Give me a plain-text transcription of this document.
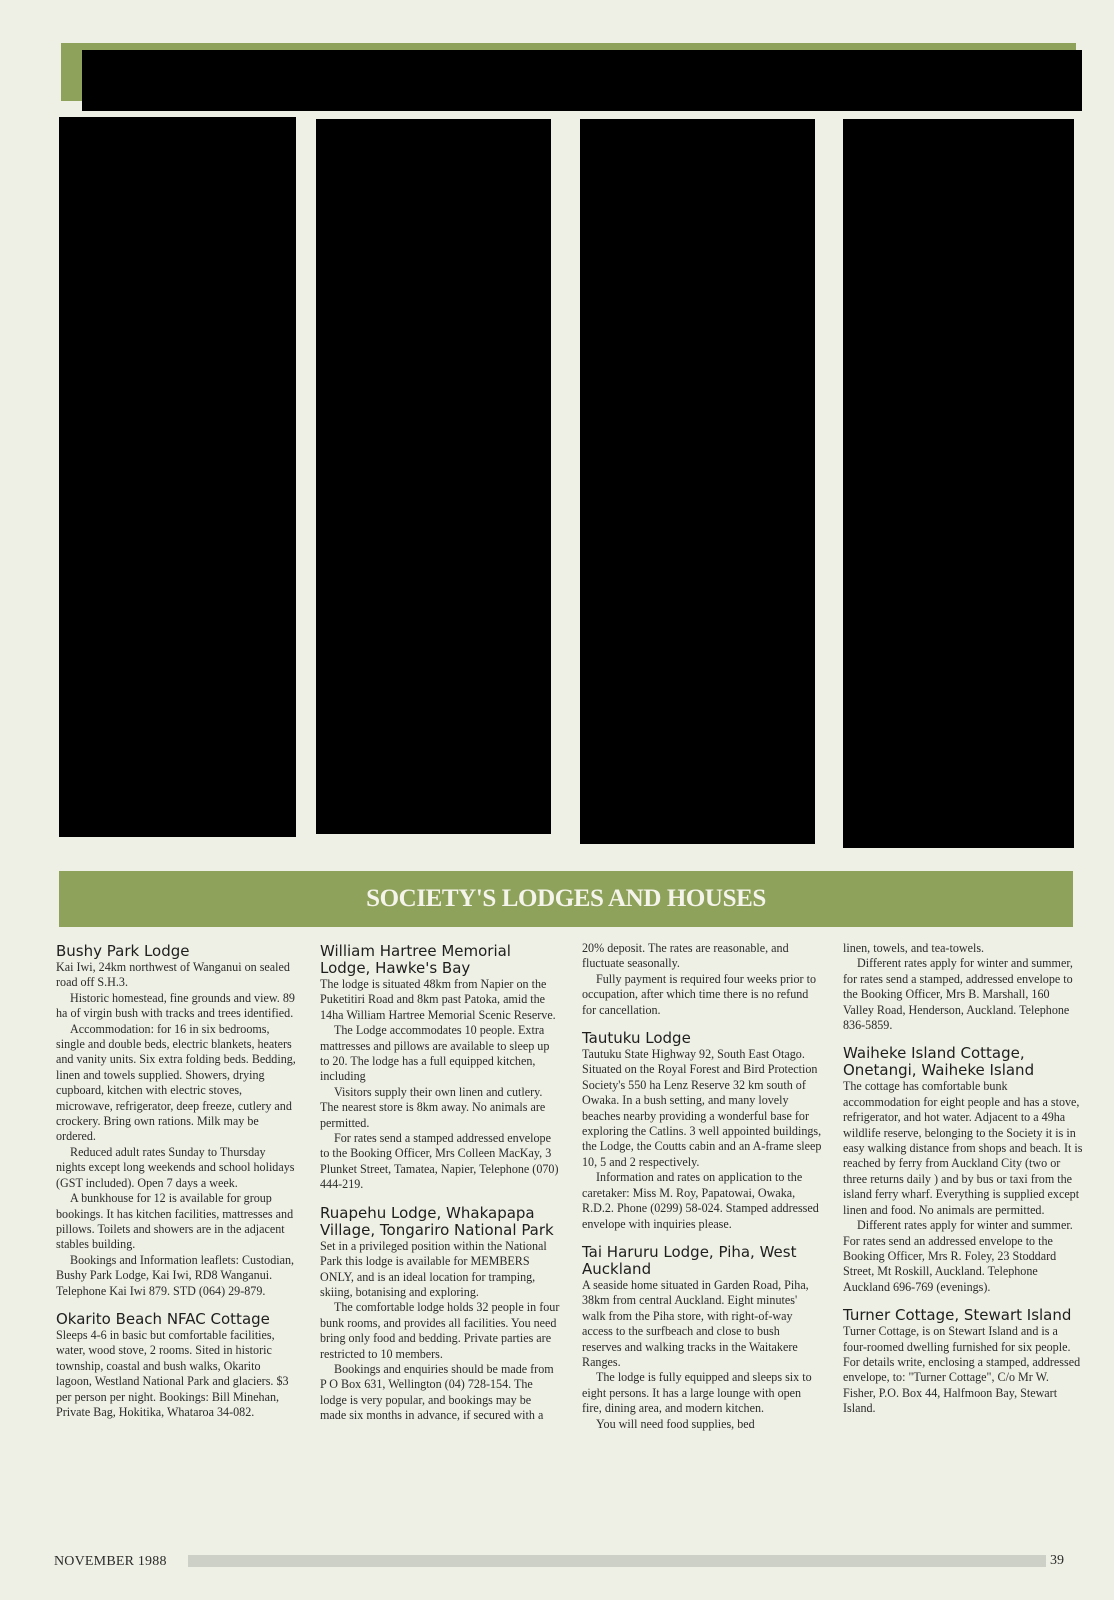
SOCIETY'S LODGES AND HOUSES
Bushy Park Lodge

Kai Iwi, 24km northwest of Wanganui on sealed road off S.H.3.

Historic homestead, fine grounds and view. 89 ha of virgin bush with tracks and trees identified.

Accommodation: for 16 in six bedrooms, single and double beds, electric blankets, heaters and vanity units. Six extra folding beds. Bedding, linen and towels supplied. Showers, drying cupboard, kitchen with electric stoves, microwave, refrigerator, deep freeze, cutlery and crockery. Bring own rations. Milk may be ordered.

Reduced adult rates Sunday to Thursday nights except long weekends and school holidays (GST included). Open 7 days a week.

A bunkhouse for 12 is available for group bookings. It has kitchen facilities, mattresses and pillows. Toilets and showers are in the adjacent stables building.

Bookings and Information leaflets: Custodian, Bushy Park Lodge, Kai Iwi, RD8 Wanganui. Telephone Kai Iwi 879. STD (064) 29-879.

Okarito Beach NFAC Cottage

Sleeps 4-6 in basic but comfortable facilities, water, wood stove, 2 rooms. Sited in historic township, coastal and bush walks, Okarito lagoon, Westland National Park and glaciers. $3 per person per night. Bookings: Bill Minehan, Private Bag, Hokitika, Whataroa 34-082.

William Hartree Memorial Lodge, Hawke's Bay

The lodge is situated 48km from Napier on the Puketitiri Road and 8km past Patoka, amid the 14ha William Hartree Memorial Scenic Reserve.

The Lodge accommodates 10 people. Extra mattresses and pillows are available to sleep up to 20. The lodge has a full equipped kitchen, including

Visitors supply their own linen and cutlery. The nearest store is 8km away. No animals are permitted.

For rates send a stamped addressed envelope to the Booking Officer, Mrs Colleen MacKay, 3 Plunket Street, Tamatea, Napier, Telephone (070) 444-219.

Ruapehu Lodge, Whakapapa Village, Tongariro National Park

Set in a privileged position within the National Park this lodge is available for MEMBERS ONLY, and is an ideal location for tramping, skiing, botanising and exploring.

The comfortable lodge holds 32 people in four bunk rooms, and provides all facilities. You need bring only food and bedding. Private parties are restricted to 10 members.

Bookings and enquiries should be made from P O Box 631, Wellington (04) 728-154. The lodge is very popular, and bookings may be made six months in advance, if secured with a

20% deposit. The rates are reasonable, and fluctuate seasonally.

Fully payment is required four weeks prior to occupation, after which time there is no refund for cancellation.

Tautuku Lodge

Tautuku State Highway 92, South East Otago. Situated on the Royal Forest and Bird Protection Society's 550 ha Lenz Reserve 32 km south of Owaka. In a bush setting, and many lovely beaches nearby providing a wonderful base for exploring the Catlins. 3 well appointed buildings, the Lodge, the Coutts cabin and an A-frame sleep 10, 5 and 2 respectively.

Information and rates on application to the caretaker: Miss M. Roy, Papatowai, Owaka, R.D.2. Phone (0299) 58-024. Stamped addressed envelope with inquiries please.

Tai Haruru Lodge, Piha, West Auckland

A seaside home situated in Garden Road, Piha, 38km from central Auckland. Eight minutes' walk from the Piha store, with right-of-way access to the surfbeach and close to bush reserves and walking tracks in the Waitakere Ranges.

The lodge is fully equipped and sleeps six to eight persons. It has a large lounge with open fire, dining area, and modern kitchen.

You will need food supplies, bed

linen, towels, and tea-towels.

Different rates apply for winter and summer, for rates send a stamped, addressed envelope to the Booking Officer, Mrs B. Marshall, 160 Valley Road, Henderson, Auckland. Telephone 836-5859.

Waiheke Island Cottage, Onetangi, Waiheke Island

The cottage has comfortable bunk accommodation for eight people and has a stove, refrigerator, and hot water. Adjacent to a 49ha wildlife reserve, belonging to the Society it is in easy walking distance from shops and beach. It is reached by ferry from Auckland City (two or three returns daily ) and by bus or taxi from the island ferry wharf. Everything is supplied except linen and food. No animals are permitted.

Different rates apply for winter and summer. For rates send an addressed envelope to the Booking Officer, Mrs R. Foley, 23 Stoddard Street, Mt Roskill, Auckland. Telephone Auckland 696-769 (evenings).

Turner Cottage, Stewart Island

Turner Cottage, is on Stewart Island and is a four-roomed dwelling furnished for six people. For details write, enclosing a stamped, addressed envelope, to: "Turner Cottage", C/o Mr W. Fisher, P.O. Box 44, Halfmoon Bay, Stewart Island.

NOVEMBER 1988	39
